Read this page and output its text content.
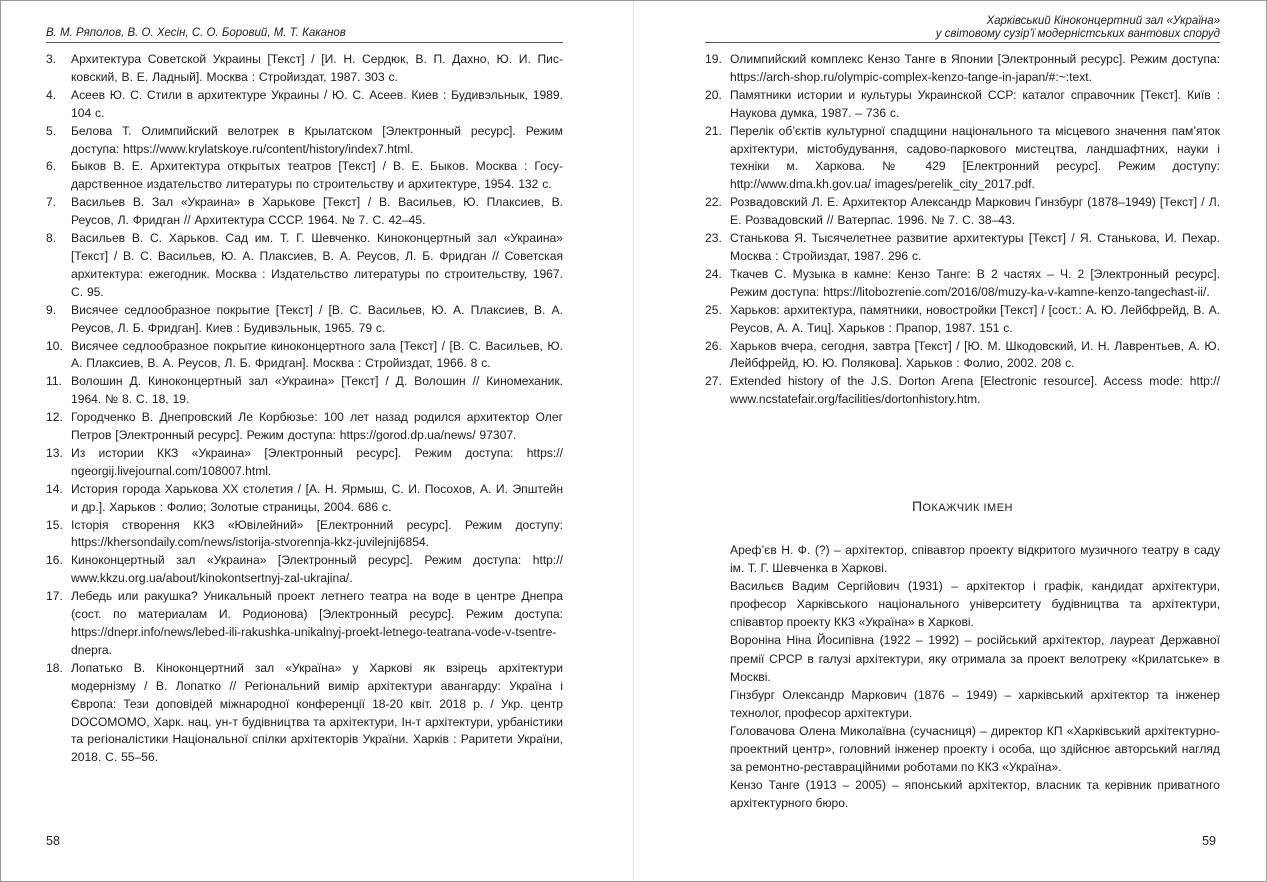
В. М. Ряполов, В. О. Хесін, С. О. Боровий, М. Т. Каканов
3. Архитектура Советской Украины [Текст] / [И. Н. Сердюк, В. П. Дахно, Ю. И. Писковский, В. Е. Ладный]. Москва : Стройиздат, 1987. 303 с.
4. Асеев Ю. С. Стили в архитектуре Украины / Ю. С. Асеев. Киев : Будивэльнык, 1989. 104 с.
5. Белова Т. Олимпийский велотрек в Крылатском [Электронный ресурс]. Режим доступа: https://www.krylatskoye.ru/content/history/index7.html.
6. Быков В. Е. Архитектура открытых театров [Текст] / В. Е. Быков. Москва : Государственное издательство литературы по строительству и архитектуре, 1954. 132 с.
7. Васильев В. Зал «Украина» в Харькове [Текст] / В. Васильев, Ю. Плаксиев, В. Реусов, Л. Фридган // Архитектура СССР. 1964. № 7. С. 42–45.
8. Васильев В. С. Харьков. Сад им. Т. Г. Шевченко. Киноконцертный зал «Украина» [Текст] / В. С. Васильев, Ю. А. Плаксиев, В. А. Реусов, Л. Б. Фридган // Советская архитектура: ежегодник. Москва : Издательство литературы по строительству, 1967. С. 95.
9. Висячее седлообразное покрытие [Текст] / [В. С. Васильев, Ю. А. Плаксиев, В. А. Реусов, Л. Б. Фридган]. Киев : Будивэльнык, 1965. 79 с.
10. Висячее седлообразное покрытие киноконцертного зала [Текст] / [В. С. Васильев, Ю. А. Плаксиев, В. А. Реусов, Л. Б. Фридган]. Москва : Стройиздат, 1966. 8 с.
11. Волошин Д. Киноконцертный зал «Украина» [Текст] / Д. Волошин // Киномеханик. 1964. № 8. С. 18, 19.
12. Городченко В. Днепровский Ле Корбюзье: 100 лет назад родился архитектор Олег Петров [Электронный ресурс]. Режим доступа: https://gorod.dp.ua/news/ 97307.
13. Из истории ККЗ «Украина» [Электронный ресурс]. Режим доступа: https:// ngeorgij.livejournal.com/108007.html.
14. История города Харькова ХХ столетия / [А. Н. Ярмыш, С. И. Посохов, А. И. Эпштейн и др.]. Харьков : Фолио; Золотые страницы, 2004. 686 с.
15. Історія створення ККЗ «Ювілейний» [Електронний ресурс]. Режим доступу: https://khersondaily.com/news/istorija-stvorennja-kkz-juvilejnij6854.
16. Киноконцертный зал «Украина» [Электронный ресурс]. Режим доступа: http:// www.kkzu.org.ua/about/kinokontsertnyj-zal-ukrajina/.
17. Лебедь или ракушка? Уникальный проект летнего театра на воде в центре Днепра (сост. по материалам И. Родионова) [Электронный ресурс]. Режим доступа: https://dnepr.info/news/lebed-ili-rakushka-unikalnyj-proekt-letnego-teatrana-vode-v-tsentre-dnepra.
18. Лопатько В. Кіноконцертний зал «Україна» у Харкові як взірець архітектури модернізму / В. Лопатко // Регіональний вимір архітектури авангарду: Україна і Європа: Тези доповідей міжнародної конференції 18-20 квіт. 2018 р. / Укр. центр DOCOMOMO, Харк. нац. ун-т будівництва та архітектури, Ін-т архітектури, урбаністики та регіоналістики Національної спілки архітекторів України. Харків : Раритети України, 2018. С. 55–56.
58
Харківський Кіноконцертний зал «Україна»
у світовому сузір’ї модерністських вантових споруд
19. Олимпийский комплекс Кензо Танге в Японии [Электронный ресурс]. Режим доступа: https://arch-shop.ru/olympic-complex-kenzo-tange-in-japan/#:~:text.
20. Памятники истории и культуры Украинской ССР: каталог справочник [Текст]. Київ : Наукова думка, 1987. – 736 с.
21. Перелік об’єктів культурної спадщини національного та місцевого значення пам’яток архітектури, містобудування, садово-паркового мистецтва, ландшафтних, науки і техніки м. Харкова. № 429 [Електронний ресурс]. Режим доступу: http://www.dma.kh.gov.ua/ images/perelik_city_2017.pdf.
22. Розвадовский Л. Е. Архитектор Александр Маркович Гинзбург (1878–1949) [Текст] / Л. Е. Розвадовский // Ватерпас. 1996. № 7. С. 38–43.
23. Станькова Я. Тысячелетнее развитие архитектуры [Текст] / Я. Станькова, И. Пехар. Москва : Стройиздат, 1987. 296 с.
24. Ткачев С. Музыка в камне: Кензо Танге: В 2 частях – Ч. 2 [Электронный ресурс]. Режим доступа: https://litobozrenie.com/2016/08/muzy-ka-v-kamne-kenzo-tangechast-ii/.
25. Харьков: архитектура, памятники, новостройки [Текст] / [сост.: А. Ю. Лейбфрейд, В. А. Реусов, А. А. Тиц]. Харьков : Прапор, 1987. 151 с.
26. Харьков вчера, сегодня, завтра [Текст] / [Ю. М. Шкодовский, И. Н. Лаврентьев, А. Ю. Лейбфрейд, Ю. Ю. Полякова]. Харьков : Фолио, 2002. 208 с.
27. Extended history of the J.S. Dorton Arena [Electronic resource]. Access mode: http:// www.ncstatefair.org/facilities/dortonhistory.htm.
ПОКАЖЧИК ІМЕН

Ареф’єв Н. Ф. (?) – архітектор, співавтор проекту відкритого музичного театру в саду ім. Т. Г. Шевченка в Харкові.

Васильєв Вадим Сергійович (1931) – архітектор і графік, кандидат архітектури, професор Харківського національного університету будівництва та архітектури, співавтор проекту ККЗ «Україна» в Харкові.

Вороніна Ніна Йосипівна (1922 – 1992) – російський архітектор, лауреат Державної премії СРСР в галузі архітектури, яку отримала за проект велотреку «Крилатське» в Москві.

Гінзбург Олександр Маркович (1876 – 1949) – харківський архітектор та інженер технолог, професор архітектури.

Головачова Олена Миколаївна (сучасниця) – директор КП «Харківський архітектурно-проектний центр», головний інженер проекту і особа, що здійснює авторський нагляд за ремонтно-реставраційними роботами по ККЗ «Україна».

Кензо Танге (1913 – 2005) – японський архітектор, власник та керівник приватного архітектурного бюро.

59
